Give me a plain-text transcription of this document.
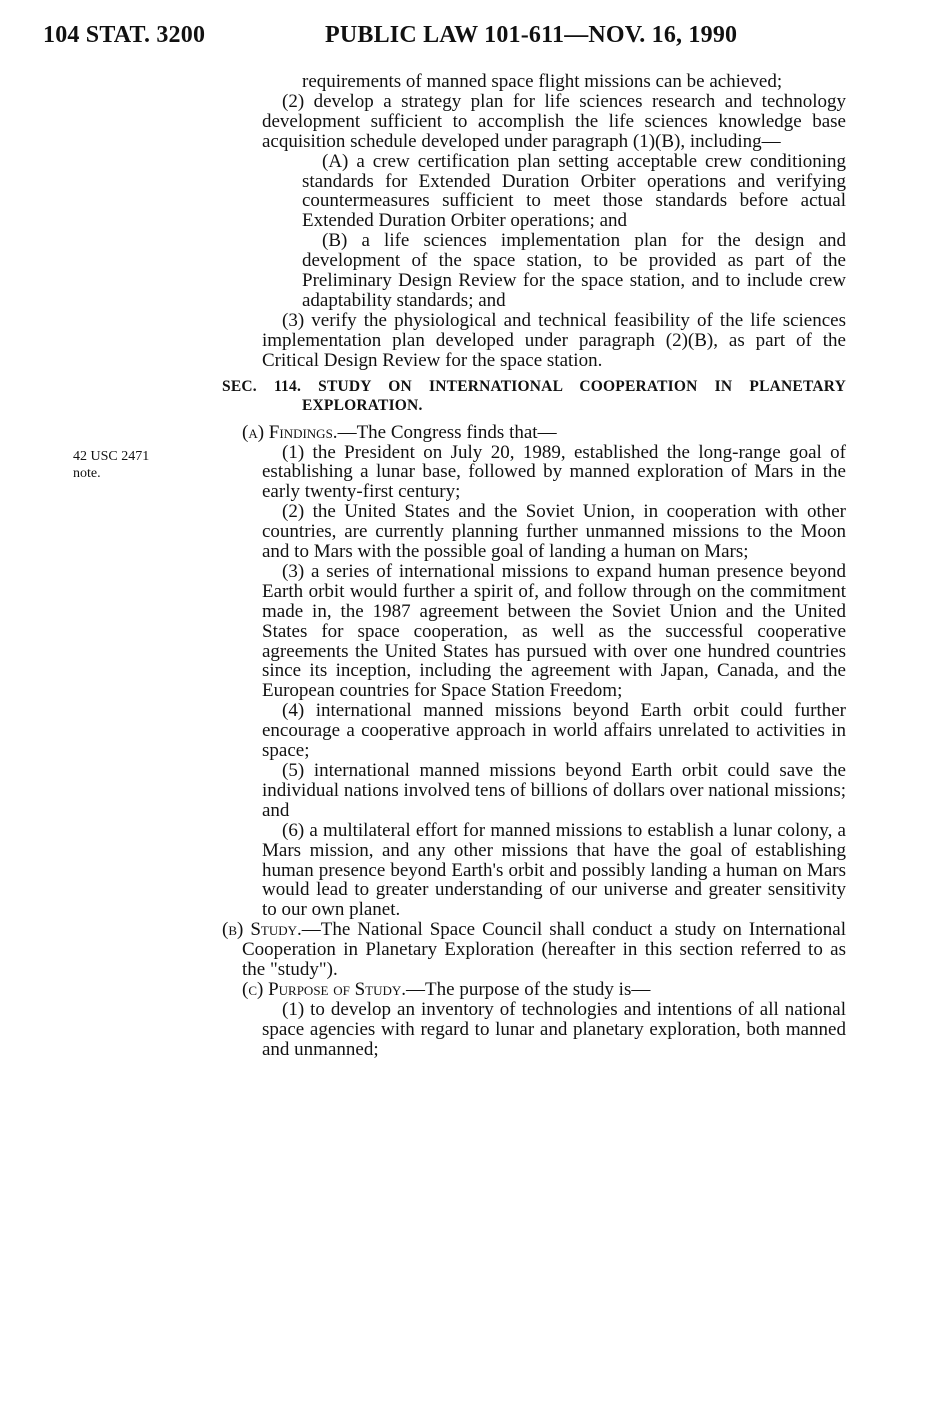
104 STAT. 3200	PUBLIC LAW 101-611—NOV. 16, 1990
42 USC 2471
note.

requirements of manned space flight missions can be achieved;

(2) develop a strategy plan for life sciences research and technology development sufficient to accomplish the life sciences knowledge base acquisition schedule developed under paragraph (1)(B), including—

(A) a crew certification plan setting acceptable crew conditioning standards for Extended Duration Orbiter operations and verifying countermeasures sufficient to meet those standards before actual Extended Duration Orbiter operations; and

(B) a life sciences implementation plan for the design and development of the space station, to be provided as part of the Preliminary Design Review for the space station, and to include crew adaptability standards; and

(3) verify the physiological and technical feasibility of the life sciences implementation plan developed under paragraph (2)(B), as part of the Critical Design Review for the space station.

SEC. 114. STUDY ON INTERNATIONAL COOPERATION IN PLANETARY EXPLORATION.

(a) Findings.—The Congress finds that—

(1) the President on July 20, 1989, established the long-range goal of establishing a lunar base, followed by manned exploration of Mars in the early twenty-first century;

(2) the United States and the Soviet Union, in cooperation with other countries, are currently planning further unmanned missions to the Moon and to Mars with the possible goal of landing a human on Mars;

(3) a series of international missions to expand human presence beyond Earth orbit would further a spirit of, and follow through on the commitment made in, the 1987 agreement between the Soviet Union and the United States for space cooperation, as well as the successful cooperative agreements the United States has pursued with over one hundred countries since its inception, including the agreement with Japan, Canada, and the European countries for Space Station Freedom;

(4) international manned missions beyond Earth orbit could further encourage a cooperative approach in world affairs unrelated to activities in space;

(5) international manned missions beyond Earth orbit could save the individual nations involved tens of billions of dollars over national missions; and

(6) a multilateral effort for manned missions to establish a lunar colony, a Mars mission, and any other missions that have the goal of establishing human presence beyond Earth's orbit and possibly landing a human on Mars would lead to greater understanding of our universe and greater sensitivity to our own planet.

(b) Study.—The National Space Council shall conduct a study on International Cooperation in Planetary Exploration (hereafter in this section referred to as the "study").

(c) Purpose of Study.—The purpose of the study is—

(1) to develop an inventory of technologies and intentions of all national space agencies with regard to lunar and planetary exploration, both manned and unmanned;
